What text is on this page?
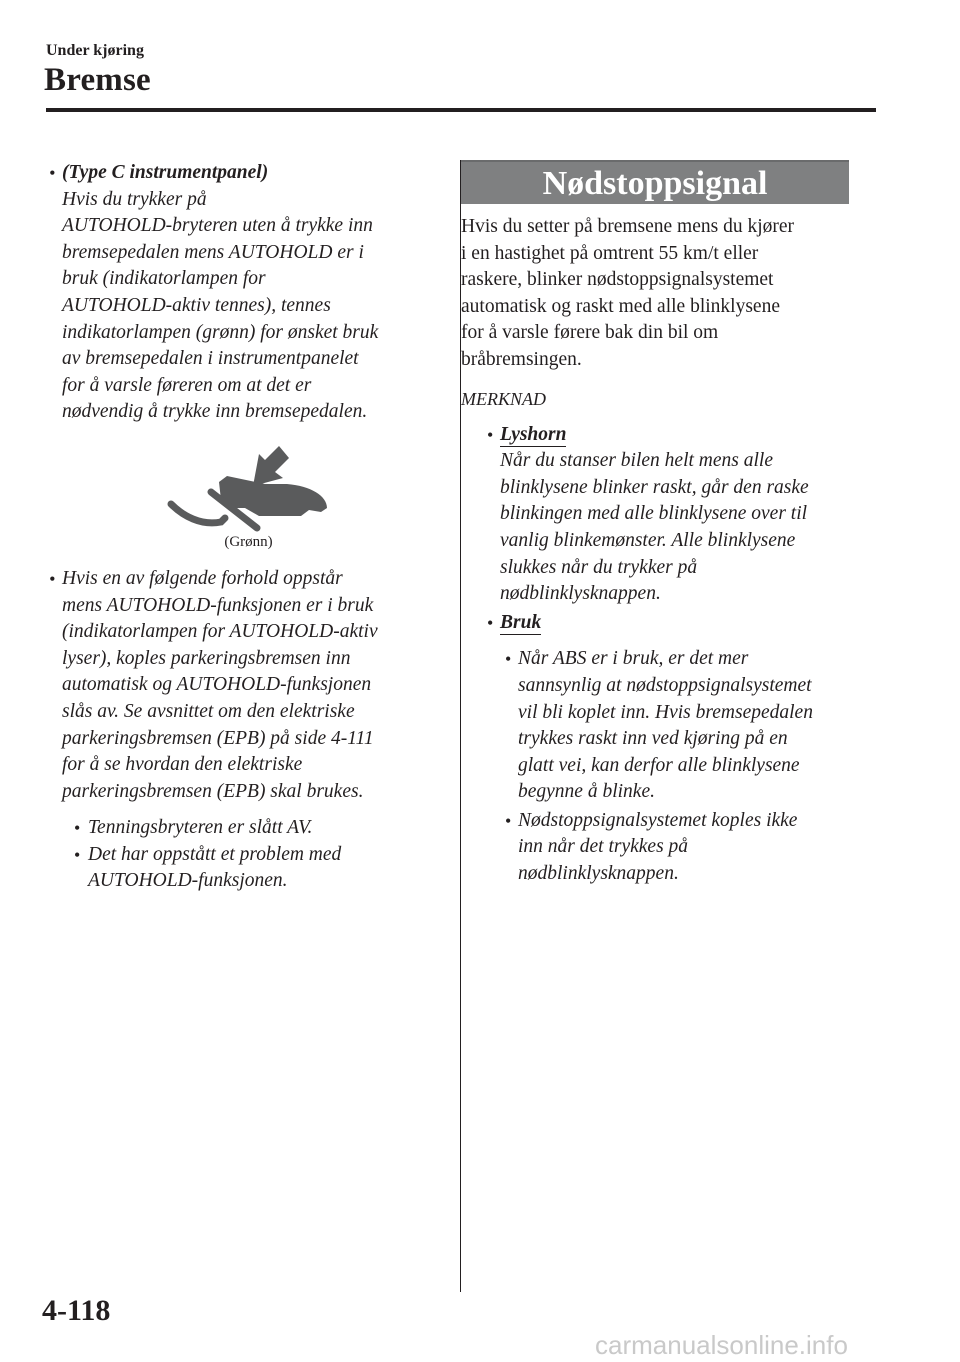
Under kjøring
Bremse
• (Type C instrumentpanel)
Hvis du trykker på
AUTOHOLD-bryteren uten å trykke inn
bremsepedalen mens AUTOHOLD er i
bruk (indikatorlampen for
AUTOHOLD-aktiv tennes), tennes
indikatorlampen (grønn) for ønsket bruk
av bremsepedalen i instrumentpanelet
for å varsle føreren om at det er
nødvendig å trykke inn bremsepedalen.
(Grønn)
• Hvis en av følgende forhold oppstår
mens AUTOHOLD-funksjonen er i bruk
(indikatorlampen for AUTOHOLD-aktiv
lyser), koples parkeringsbremsen inn
automatisk og AUTOHOLD-funksjonen
slås av. Se avsnittet om den elektriske
parkeringsbremsen (EPB) på side 4-111
for å se hvordan den elektriske
parkeringsbremsen (EPB) skal brukes.
• Tenningsbryteren er slått AV.
• Det har oppstått et problem med
AUTOHOLD-funksjonen.
Nødstoppsignal
Hvis du setter på bremsene mens du kjører
i en hastighet på omtrent 55 km/t eller
raskere, blinker nødstoppsignalsystemet
automatisk og raskt med alle blinklysene
for å varsle førere bak din bil om
bråbremsingen.
MERKNAD
• Lyshorn
Når du stanser bilen helt mens alle
blinklysene blinker raskt, går den raske
blinkingen med alle blinklysene over til
vanlig blinkemønster. Alle blinklysene
slukkes når du trykker på
nødblinklysknappen.
• Bruk
• Når ABS er i bruk, er det mer
sannsynlig at nødstoppsignalsystemet
vil bli koplet inn. Hvis bremsepedalen
trykkes raskt inn ved kjøring på en
glatt vei, kan derfor alle blinklysene
begynne å blinke.
• Nødstoppsignalsystemet koples ikke
inn når det trykkes på
nødblinklysknappen.
4-118
carmanualsonline.info
